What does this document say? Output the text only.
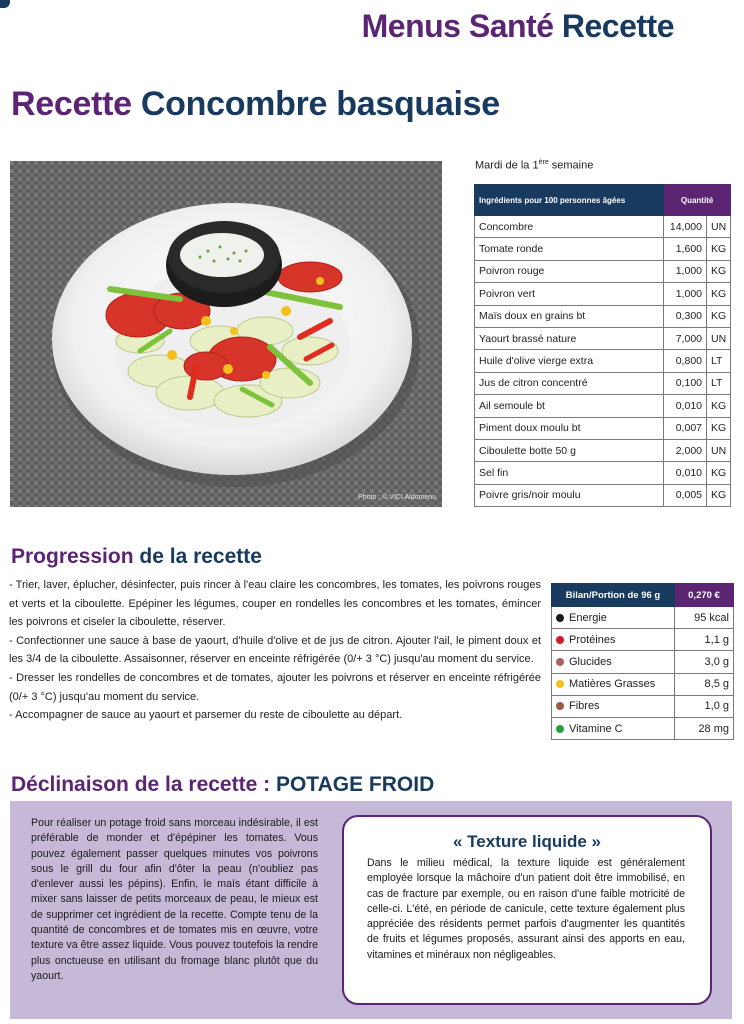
Menus Santé Recette
Recette Concombre basquaise
Photo : © VICI Aldomenu
Mardi de la 1ère semaine
Ingrédients pour 100 personnes âgées	Quantité	
Concombre	14,000	UN
Tomate ronde	1,600	KG
Poivron rouge	1,000	KG
Poivron vert	1,000	KG
Maïs doux en grains bt	0,300	KG
Yaourt brassé nature	7,000	UN
Huile d'olive vierge extra	0,800	LT
Jus de citron concentré	0,100	LT
Ail semoule bt	0,010	KG
Piment doux moulu bt	0,007	KG
Ciboulette botte 50 g	2,000	UN
Sel fin	0,010	KG
Poivre gris/noir moulu	0,005	KG
Progression de la recette

- Trier, laver, éplucher, désinfecter, puis rincer à l'eau claire les concombres, les tomates, les poivrons rouges et verts et la ciboulette. Epépiner les légumes, couper en rondelles les concombres et les tomates, émincer les poivrons et ciseler la ciboulette, réserver.

- Confectionner une sauce à base de yaourt, d'huile d'olive et de jus de citron. Ajouter l'ail, le piment doux et les 3/4 de la ciboulette. Assaisonner, réserver en enceinte réfrigérée (0/+ 3 °C) jusqu'au moment du service.

- Dresser les rondelles de concombres et de tomates, ajouter les poivrons et réserver en enceinte réfrigérée (0/+ 3 °C) jusqu'au moment du service.

- Accompagner de sauce au yaourt et parsemer du reste de ciboulette au départ.

Bilan/Portion de 96 g	0,270 €
Energie	95 kcal
Protéines	1,1 g
Glucides	3,0 g
Matières Grasses	8,5 g
Fibres	1,0 g
Vitamine C	28 mg
Déclinaison de la recette : POTAGE FROID
Pour réaliser un potage froid sans morceau indésirable, il est préférable de monder et d'épépiner les tomates. Vous pouvez également passer quelques minutes vos poivrons sous le grill du four afin d'ôter la peau (n'oubliez pas d'enlever aussi les pépins). Enfin, le maïs étant difficile à mixer sans laisser de petits morceaux de peau, le mieux est de supprimer cet ingrédient de la recette. Compte tenu de la quantité de concombres et de tomates mis en œuvre, votre texture va être assez liquide. Vous pouvez toutefois la rendre plus onctueuse en utilisant du fromage blanc plutôt que du yaourt.
« Texture liquide »
Dans le milieu médical, la texture liquide est généralement employée lorsque la mâchoire d'un patient doit être immobilisé, en cas de fracture par exemple, ou en raison d'une faible motricité de celle-ci. L'été, en période de canicule, cette texture également plus appréciée des résidents permet parfois d'augmenter les quantités de fruits et légumes proposés, assurant ainsi des apports en eau, vitamines et minéraux non négligeables.
